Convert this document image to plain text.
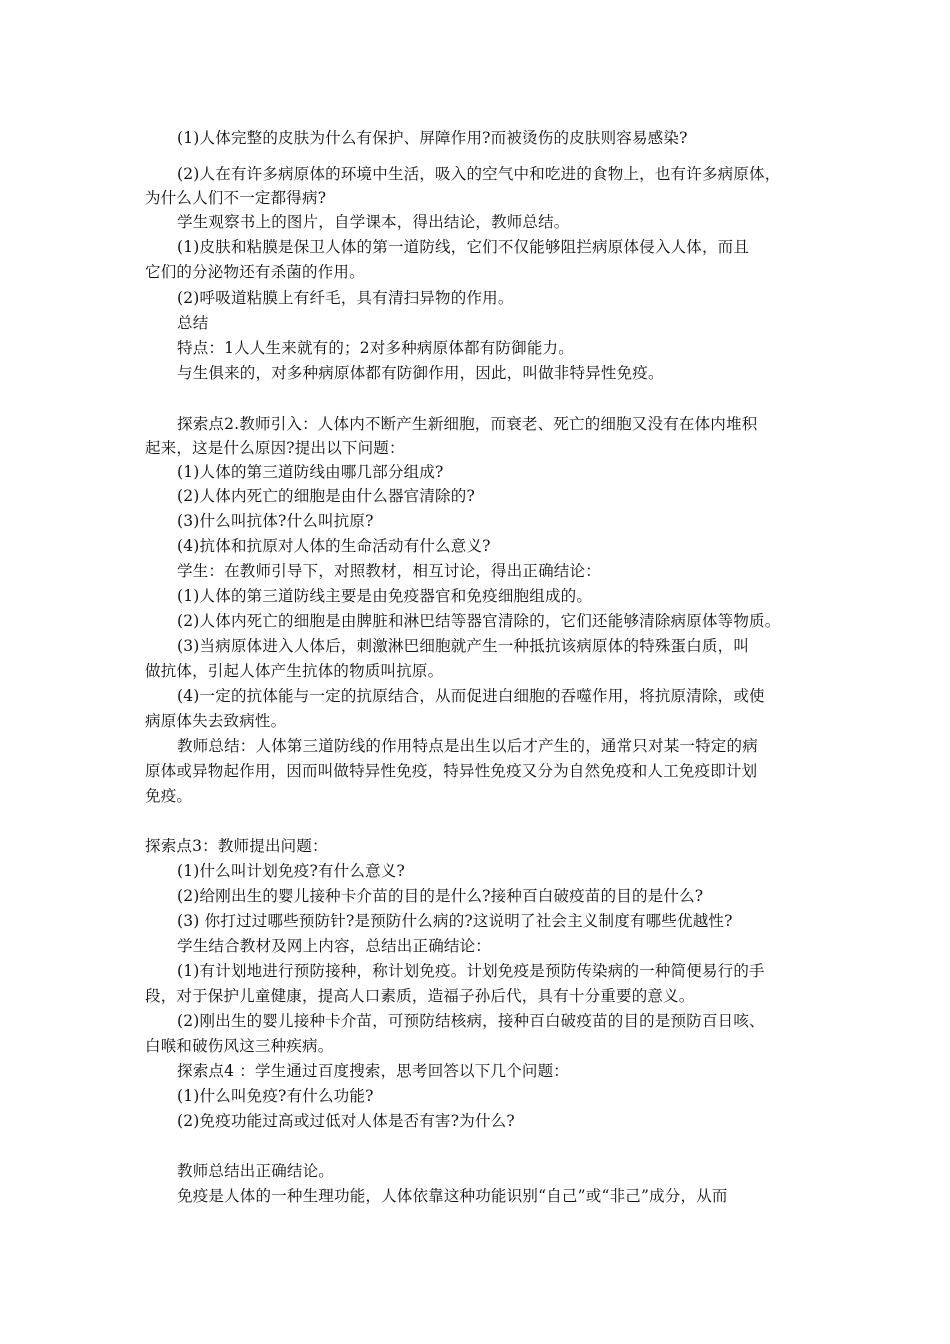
(1)人体完整的皮肤为什么有保护、屏障作用?而被烫伤的皮肤则容易感染?
(2)人在有许多病原体的环境中生活，吸入的空气中和吃进的食物上，也有许多病原体，
为什么人们不一定都得病?
学生观察书上的图片，自学课本，得出结论，教师总结。
(1)皮肤和粘膜是保卫人体的第一道防线，它们不仅能够阻拦病原体侵入人体，而且
它们的分泌物还有杀菌的作用。
(2)呼吸道粘膜上有纤毛，具有清扫异物的作用。
总结
特点：1人人生来就有的；2对多种病原体都有防御能力。
与生俱来的，对多种病原体都有防御作用，因此，叫做非特异性免疫。
探索点2.教师引入：人体内不断产生新细胞，而衰老、死亡的细胞又没有在体内堆积
起来，这是什么原因?提出以下问题：
(1)人体的第三道防线由哪几部分组成?
(2)人体内死亡的细胞是由什么器官清除的?
(3)什么叫抗体?什么叫抗原?
(4)抗体和抗原对人体的生命活动有什么意义?
学生：在教师引导下，对照教材，相互讨论，得出正确结论：
(1)人体的第三道防线主要是由免疫器官和免疫细胞组成的。
(2)人体内死亡的细胞是由脾脏和淋巴结等器官清除的，它们还能够清除病原体等物质。
(3)当病原体进入人体后，刺激淋巴细胞就产生一种抵抗该病原体的特殊蛋白质，叫
做抗体，引起人体产生抗体的物质叫抗原。
(4)一定的抗体能与一定的抗原结合，从而促进白细胞的吞噬作用，将抗原清除，或使
病原体失去致病性。
教师总结：人体第三道防线的作用特点是出生以后才产生的，通常只对某一特定的病
原体或异物起作用，因而叫做特异性免疫，特异性免疫又分为自然免疫和人工免疫即计划
免疫。
探索点3：教师提出问题：
(1)什么叫计划免疫?有什么意义?
(2)给刚出生的婴儿接种卡介苗的目的是什么?接种百白破疫苗的目的是什么?
(3) 你打过过哪些预防针?是预防什么病的?这说明了社会主义制度有哪些优越性?
学生结合教材及网上内容，总结出正确结论：
(1)有计划地进行预防接种，称计划免疫。计划免疫是预防传染病的一种简便易行的手
段，对于保护儿童健康，提高人口素质，造福子孙后代，具有十分重要的意义。
(2)刚出生的婴儿接种卡介苗，可预防结核病，接种百白破疫苗的目的是预防百日咳、
白喉和破伤风这三种疾病。
探索点4 ：学生通过百度搜索，思考回答以下几个问题：
(1)什么叫免疫?有什么功能?
(2)免疫功能过高或过低对人体是否有害?为什么?
教师总结出正确结论。
免疫是人体的一种生理功能，人体依靠这种功能识别“自己”或“非己”成分，从而
